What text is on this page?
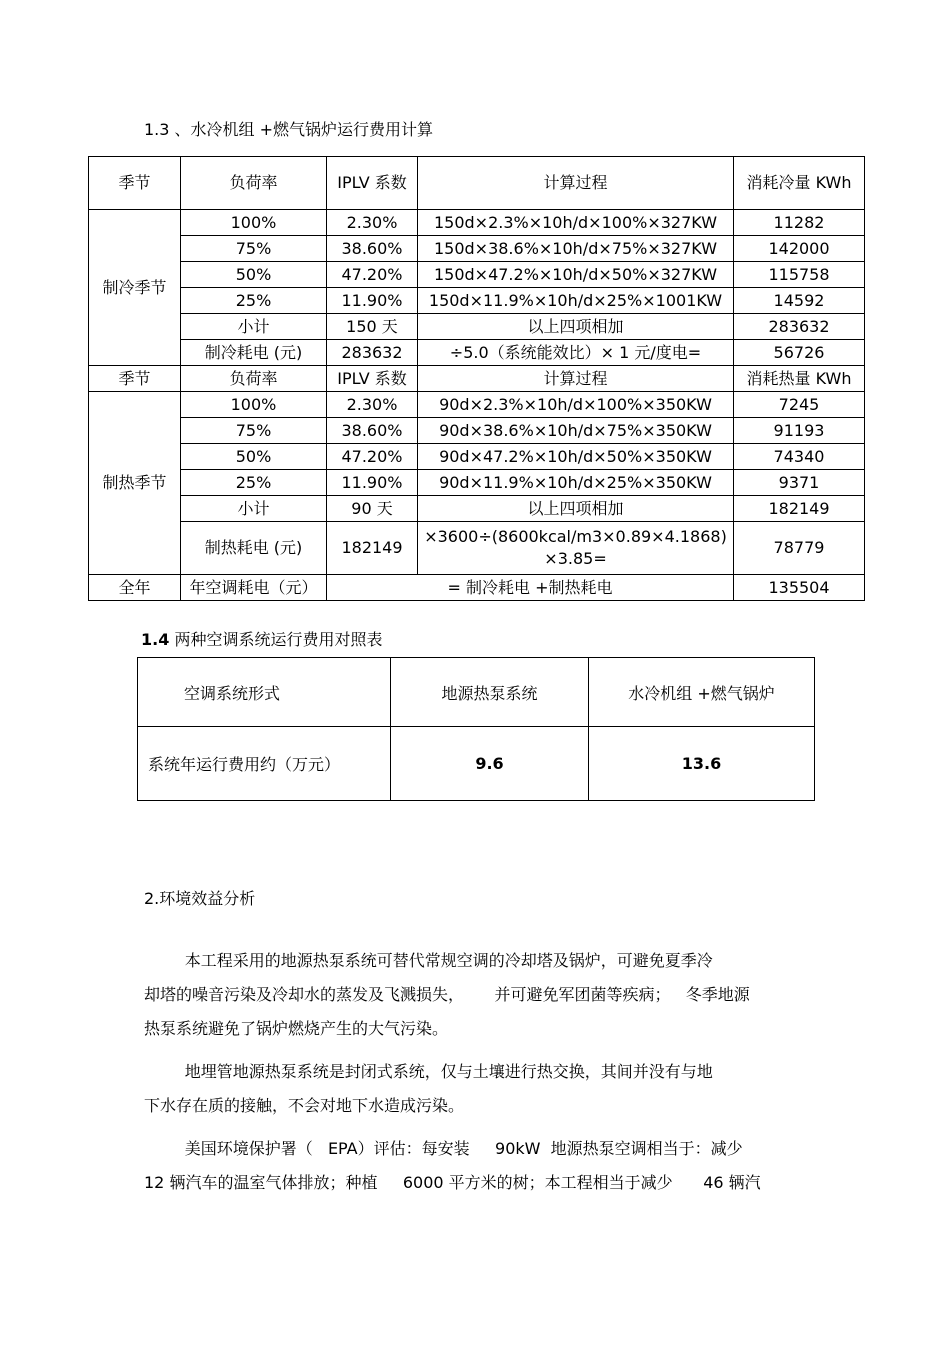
1.3 、水冷机组 +燃气锅炉运行费用计算
季节	负荷率	IPLV 系数	计算过程	消耗冷量 KWh
制冷季节	100%	2.30%	150d×2.3%×10h/d×100%×327KW	11282
	75%	38.60%	150d×38.6%×10h/d×75%×327KW	142000
	50%	47.20%	150d×47.2%×10h/d×50%×327KW	115758
	25%	11.90%	150d×11.9%×10h/d×25%×1001KW	14592
	小计	150 天	以上四项相加	283632
	制冷耗电 (元)	283632	÷5.0（系统能效比）× 1 元/度电=	56726
季节	负荷率	IPLV 系数	计算过程	消耗热量 KWh
制热季节	100%	2.30%	90d×2.3%×10h/d×100%×350KW	7245
	75%	38.60%	90d×38.6%×10h/d×75%×350KW	91193
	50%	47.20%	90d×47.2%×10h/d×50%×350KW	74340
	25%	11.90%	90d×11.9%×10h/d×25%×350KW	9371
	小计	90 天	以上四项相加	182149
	制热耗电 (元)	182149	×3600÷(8600kcal/m3×0.89×4.1868)
×3.85=	78779
全年	年空调耗电（元）	= 制冷耗电 +制热耗电		135504
1.4 两种空调系统运行费用对照表
空调系统形式	地源热泵系统	水冷机组 +燃气锅炉
系统年运行费用约（万元）	9.6	13.6
2.环境效益分析
本工程采用的地源热泵系统可替代常规空调的冷却塔及锅炉，可避免夏季冷
却塔的噪音污染及冷却水的蒸发及飞溅损失，      并可避免军团菌等疾病；   冬季地源
热泵系统避免了锅炉燃烧产生的大气污染。
地埋管地源热泵系统是封闭式系统，仅与土壤进行热交换，其间并没有与地
下水存在质的接触，不会对地下水造成污染。
美国环境保护署（   EPA）评估：每安装     90kW  地源热泵空调相当于：减少
12 辆汽车的温室气体排放；种植     6000 平方米的树；本工程相当于减少      46 辆汽
